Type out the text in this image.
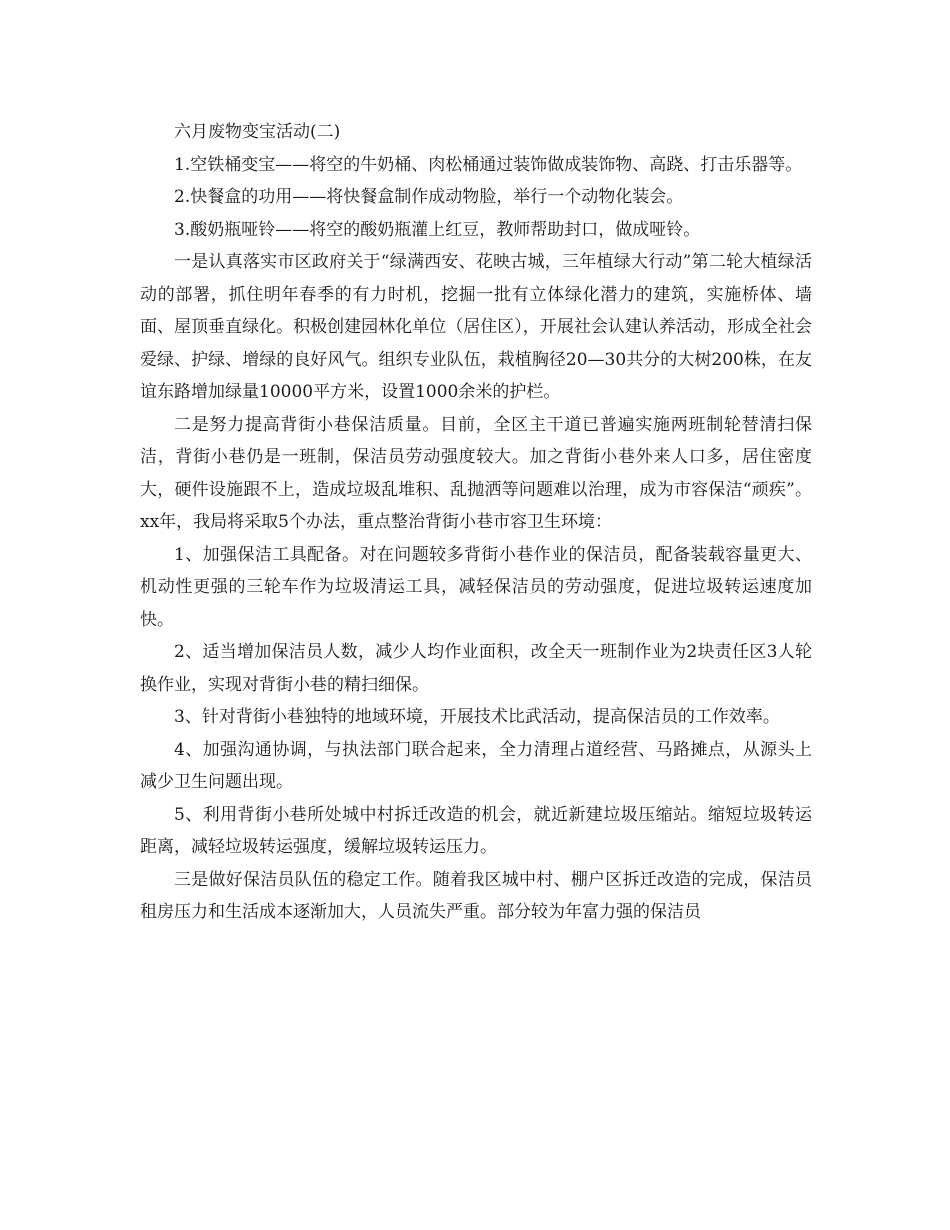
六月废物变宝活动(二)

1.空铁桶变宝——将空的牛奶桶、肉松桶通过装饰做成装饰物、高跷、打击乐器等。

2.快餐盒的功用——将快餐盒制作成动物脸，举行一个动物化装会。

3.酸奶瓶哑铃——将空的酸奶瓶灌上红豆，教师帮助封口，做成哑铃。

一是认真落实市区政府关于“绿满西安、花映古城，三年植绿大行动”第二轮大植绿活动的部署，抓住明年春季的有力时机，挖掘一批有立体绿化潜力的建筑，实施桥体、墙面、屋顶垂直绿化。积极创建园林化单位（居住区），开展社会认建认养活动，形成全社会爱绿、护绿、增绿的良好风气。组织专业队伍，栽植胸径20—30共分的大树200株，在友谊东路增加绿量10000平方米，设置1000余米的护栏。

二是努力提高背街小巷保洁质量。目前，全区主干道已普遍实施两班制轮替清扫保洁，背街小巷仍是一班制，保洁员劳动强度较大。加之背街小巷外来人口多，居住密度大，硬件设施跟不上，造成垃圾乱堆积、乱抛洒等问题难以治理，成为市容保洁“顽疾”。xx年，我局将采取5个办法，重点整治背街小巷市容卫生环境：

1、加强保洁工具配备。对在问题较多背街小巷作业的保洁员，配备装载容量更大、机动性更强的三轮车作为垃圾清运工具，减轻保洁员的劳动强度，促进垃圾转运速度加快。

2、适当增加保洁员人数，减少人均作业面积，改全天一班制作业为2块责任区3人轮换作业，实现对背街小巷的精扫细保。

3、针对背街小巷独特的地域环境，开展技术比武活动，提高保洁员的工作效率。

4、加强沟通协调，与执法部门联合起来，全力清理占道经营、马路摊点，从源头上减少卫生问题出现。

5、利用背街小巷所处城中村拆迁改造的机会，就近新建垃圾压缩站。缩短垃圾转运距离，减轻垃圾转运强度，缓解垃圾转运压力。

三是做好保洁员队伍的稳定工作。随着我区城中村、棚户区拆迁改造的完成，保洁员租房压力和生活成本逐渐加大，人员流失严重。部分较为年富力强的保洁员
